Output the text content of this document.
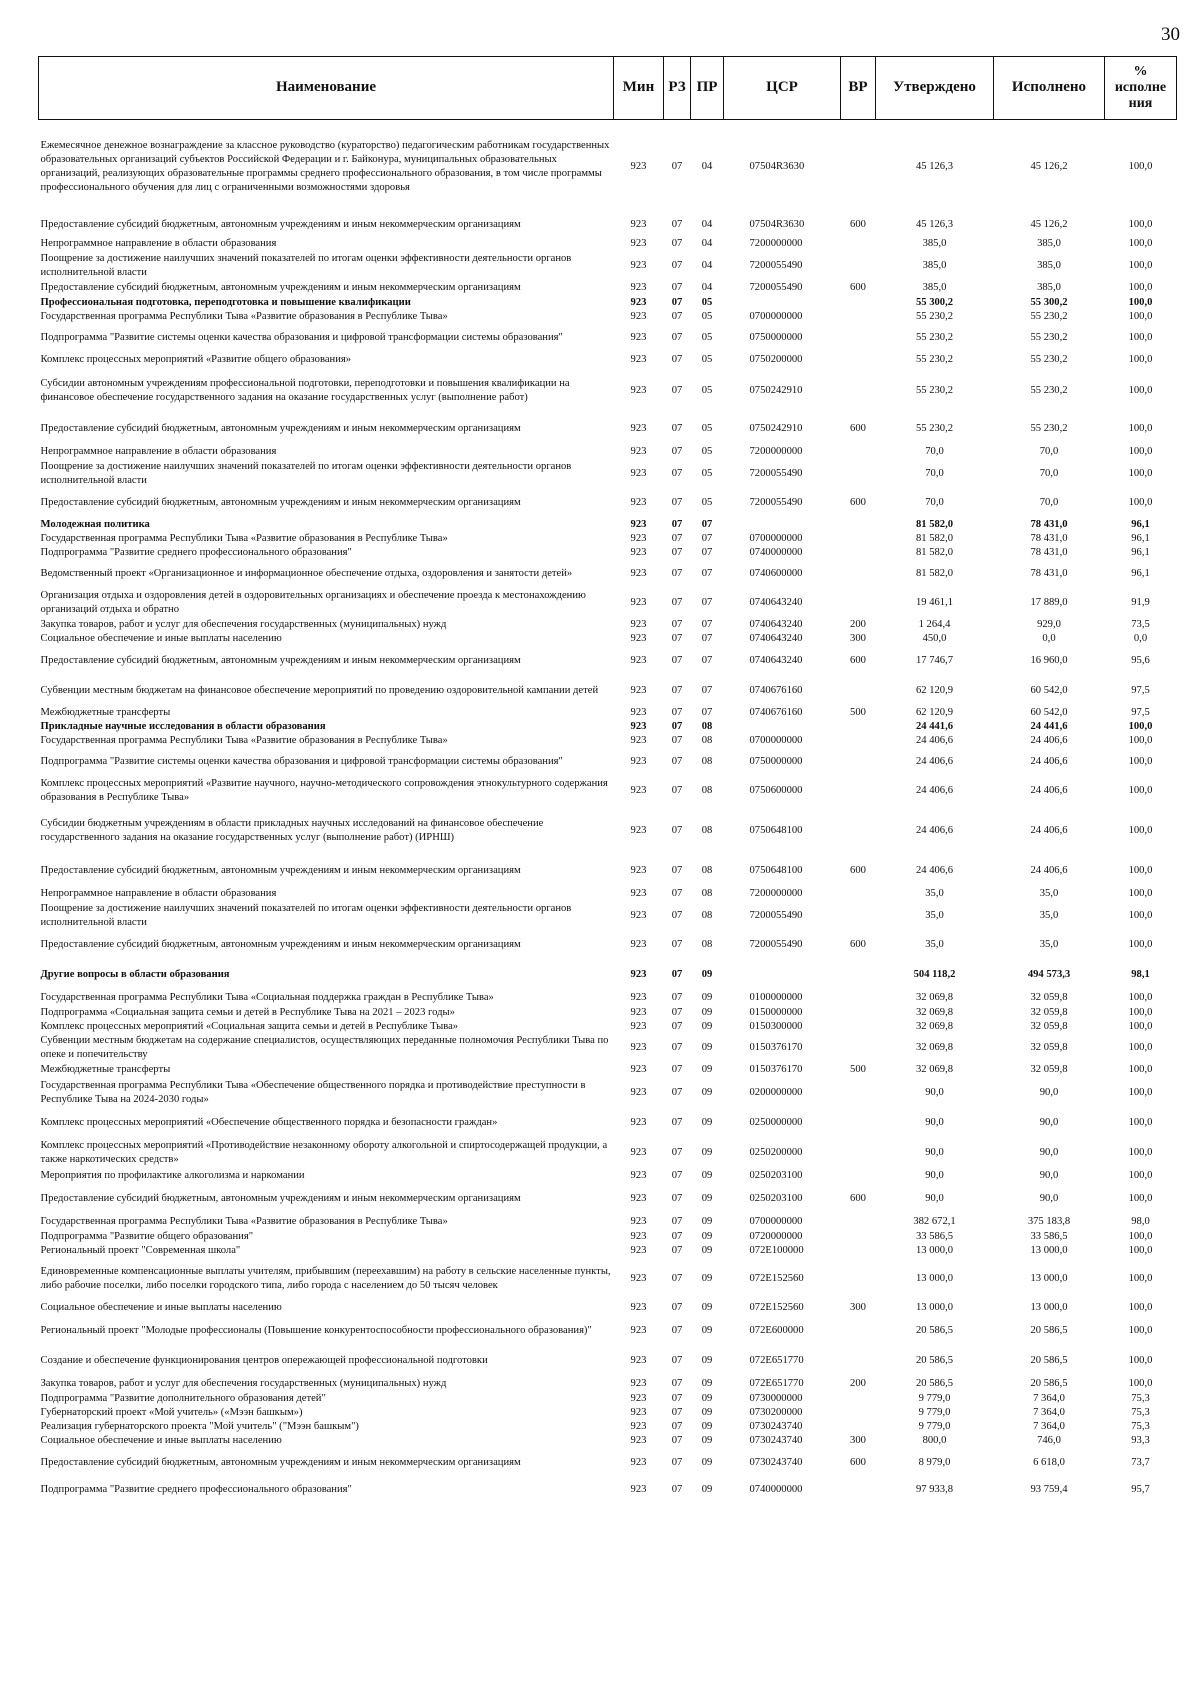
30
Наименование	Мин	РЗ	ПР	ЦСР	ВР	Утверждено	Исполнено	% исполне ния
Ежемесячное денежное вознаграждение за классное руководство (кураторство) педагогическим работникам государственных образовательных организаций субъектов Российской Федерации и г. Байконура, муниципальных образовательных организаций, реализующих образовательные программы среднего профессионального образования, в том числе программы профессионального обучения для лиц с ограниченными возможностями здоровья	923	07	04	07504R3630		45 126,3	45 126,2	100,0
Предоставление субсидий бюджетным, автономным учреждениям и иным некоммерческим организациям	923	07	04	07504R3630	600	45 126,3	45 126,2	100,0
Непрограммное направление в области образования	923	07	04	7200000000		385,0	385,0	100,0
Поощрение за достижение наилучших значений показателей по итогам оценки эффективности деятельности органов исполнительной власти	923	07	04	7200055490		385,0	385,0	100,0
Предоставление субсидий бюджетным, автономным учреждениям и иным некоммерческим организациям	923	07	04	7200055490	600	385,0	385,0	100,0
Профессиональная подготовка, переподготовка и повышение квалификации	923	07	05			55 300,2	55 300,2	100,0
Государственная программа Республики Тыва «Развитие образования в Республике Тыва»	923	07	05	0700000000		55 230,2	55 230,2	100,0
Подпрограмма "Развитие системы оценки качества образования и цифровой трансформации системы образования"	923	07	05	0750000000		55 230,2	55 230,2	100,0
Комплекс процессных мероприятий «Развитие общего образования»	923	07	05	0750200000		55 230,2	55 230,2	100,0
Субсидии автономным учреждениям профессиональной подготовки, переподготовки и повышения квалификации на финансовое обеспечение государственного задания на оказание государственных услуг (выполнение работ)	923	07	05	0750242910		55 230,2	55 230,2	100,0
Предоставление субсидий бюджетным, автономным учреждениям и иным некоммерческим организациям	923	07	05	0750242910	600	55 230,2	55 230,2	100,0
Непрограммное направление в области образования	923	07	05	7200000000		70,0	70,0	100,0
Поощрение за достижение наилучших значений показателей по итогам оценки эффективности деятельности органов исполнительной власти	923	07	05	7200055490		70,0	70,0	100,0
Предоставление субсидий бюджетным, автономным учреждениям и иным некоммерческим организациям	923	07	05	7200055490	600	70,0	70,0	100,0
Молодежная политика	923	07	07			81 582,0	78 431,0	96,1
Государственная программа Республики Тыва «Развитие образования в Республике Тыва»	923	07	07	0700000000		81 582,0	78 431,0	96,1
Подпрограмма "Развитие среднего профессионального образования"	923	07	07	0740000000		81 582,0	78 431,0	96,1
Ведомственный проект «Организационное и информационное обеспечение отдыха, оздоровления и занятости детей»	923	07	07	0740600000		81 582,0	78 431,0	96,1
Организация отдыха и оздоровления детей в оздоровительных организациях и обеспечение проезда к местонахождению организаций отдыха и обратно	923	07	07	0740643240		19 461,1	17 889,0	91,9
Закупка товаров, работ и услуг для обеспечения государственных (муниципальных) нужд	923	07	07	0740643240	200	1 264,4	929,0	73,5
Социальное обеспечение и иные выплаты населению	923	07	07	0740643240	300	450,0	0,0	0,0
Предоставление субсидий бюджетным, автономным учреждениям и иным некоммерческим организациям	923	07	07	0740643240	600	17 746,7	16 960,0	95,6
Субвенции местным бюджетам на финансовое обеспечение мероприятий по проведению оздоровительной кампании детей	923	07	07	0740676160		62 120,9	60 542,0	97,5
Межбюджетные трансферты	923	07	07	0740676160	500	62 120,9	60 542,0	97,5
Прикладные научные исследования в области образования	923	07	08			24 441,6	24 441,6	100,0
Государственная программа Республики Тыва «Развитие образования в Республике Тыва»	923	07	08	0700000000		24 406,6	24 406,6	100,0
Подпрограмма "Развитие системы оценки качества образования и цифровой трансформации системы образования"	923	07	08	0750000000		24 406,6	24 406,6	100,0
Комплекс процессных мероприятий «Развитие научного, научно-методического сопровождения этнокультурного содержания образования в Республике Тыва»	923	07	08	0750600000		24 406,6	24 406,6	100,0
Субсидии бюджетным учреждениям в области прикладных научных исследований на финансовое обеспечение государственного задания на оказание государственных услуг (выполнение работ) (ИРНШ)	923	07	08	0750648100		24 406,6	24 406,6	100,0
Предоставление субсидий бюджетным, автономным учреждениям и иным некоммерческим организациям	923	07	08	0750648100	600	24 406,6	24 406,6	100,0
Непрограммное направление в области образования	923	07	08	7200000000		35,0	35,0	100,0
Поощрение за достижение наилучших значений показателей по итогам оценки эффективности деятельности органов исполнительной власти	923	07	08	7200055490		35,0	35,0	100,0
Предоставление субсидий бюджетным, автономным учреждениям и иным некоммерческим организациям	923	07	08	7200055490	600	35,0	35,0	100,0
Другие вопросы в области образования	923	07	09			504 118,2	494 573,3	98,1
Государственная программа Республики Тыва «Социальная поддержка граждан в Республике Тыва»	923	07	09	0100000000		32 069,8	32 059,8	100,0
Подпрограмма «Социальная защита семьи и детей в Республике Тыва на 2021 – 2023 годы»	923	07	09	0150000000		32 069,8	32 059,8	100,0
Комплекс процессных мероприятий «Социальная защита семьи и детей в Республике Тыва»	923	07	09	0150300000		32 069,8	32 059,8	100,0
Субвенции местным бюджетам на содержание специалистов, осуществляющих переданные полномочия Республики Тыва по опеке и попечительству	923	07	09	0150376170		32 069,8	32 059,8	100,0
Межбюджетные трансферты	923	07	09	0150376170	500	32 069,8	32 059,8	100,0
Государственная программа Республики Тыва «Обеспечение общественного порядка и противодействие преступности в Республике Тыва на 2024-2030 годы»	923	07	09	0200000000		90,0	90,0	100,0
Комплекс процессных мероприятий «Обеспечение общественного порядка и безопасности граждан»	923	07	09	0250000000		90,0	90,0	100,0
Комплекс процессных мероприятий «Противодействие незаконному обороту алкогольной и спиртосодержащей продукции, а также наркотических средств»	923	07	09	0250200000		90,0	90,0	100,0
Мероприятия по профилактике алкоголизма и наркомании	923	07	09	0250203100		90,0	90,0	100,0
Предоставление субсидий бюджетным, автономным учреждениям и иным некоммерческим организациям	923	07	09	0250203100	600	90,0	90,0	100,0
Государственная программа Республики Тыва «Развитие образования в Республике Тыва»	923	07	09	0700000000		382 672,1	375 183,8	98,0
Подпрограмма "Развитие общего образования"	923	07	09	0720000000		33 586,5	33 586,5	100,0
Региональный проект "Современная школа"	923	07	09	072Е100000		13 000,0	13 000,0	100,0
Единовременные компенсационные выплаты учителям, прибывшим (переехавшим) на работу в сельские населенные пункты, либо рабочие поселки, либо поселки городского типа, либо города с населением до 50 тысяч человек	923	07	09	072Е152560		13 000,0	13 000,0	100,0
Социальное обеспечение и иные выплаты населению	923	07	09	072Е152560	300	13 000,0	13 000,0	100,0
Региональный проект "Молодые профессионалы (Повышение конкурентоспособности профессионального образования)"	923	07	09	072Е600000		20 586,5	20 586,5	100,0
Создание и обеспечение функционирования центров опережающей профессиональной подготовки	923	07	09	072Е651770		20 586,5	20 586,5	100,0
Закупка товаров, работ и услуг для обеспечения государственных (муниципальных) нужд	923	07	09	072Е651770	200	20 586,5	20 586,5	100,0
Подпрограмма "Развитие дополнительного образования детей"	923	07	09	0730000000		9 779,0	7 364,0	75,3
Губернаторский проект «Мой учитель» («Мээн башкым»)	923	07	09	0730200000		9 779,0	7 364,0	75,3
Реализация губернаторского проекта "Мой учитель" ("Мээн башкым")	923	07	09	0730243740		9 779,0	7 364,0	75,3
Социальное обеспечение и иные выплаты населению	923	07	09	0730243740	300	800,0	746,0	93,3
Предоставление субсидий бюджетным, автономным учреждениям и иным некоммерческим организациям	923	07	09	0730243740	600	8 979,0	6 618,0	73,7
Подпрограмма "Развитие среднего профессионального образования"	923	07	09	0740000000		97 933,8	93 759,4	95,7
